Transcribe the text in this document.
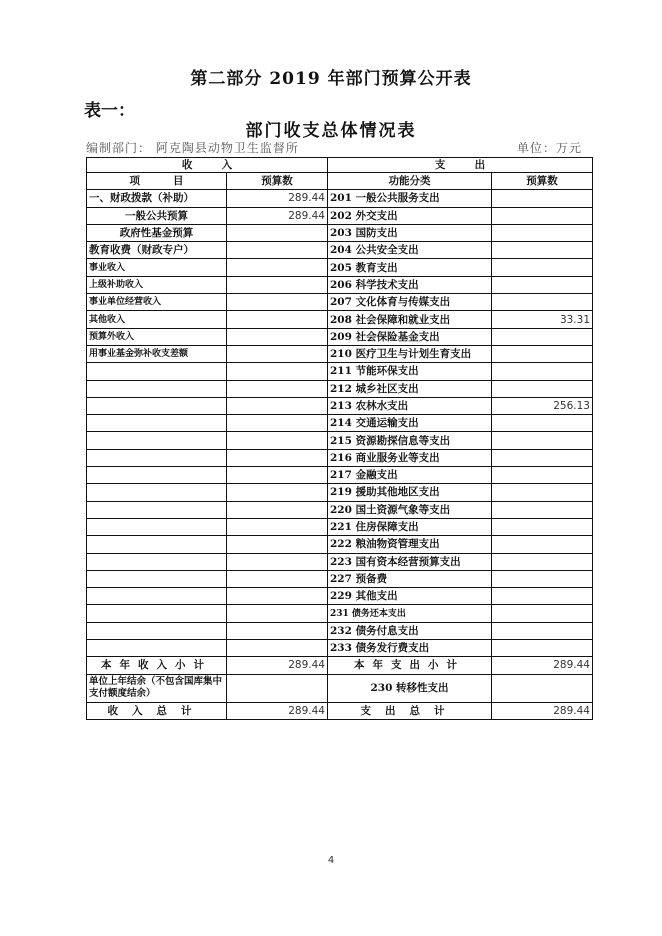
第二部分 2019 年部门预算公开表
表一：
部门收支总体情况表
编制部门： 阿克陶县动物卫生监督所	单位：万元
收        入		支        出	
项         目	预算数	功能分类	预算数
一、财政拨款（补助）	289.44	201 一般公共服务支出	
一般公共预算	289.44	202 外交支出	
政府性基金预算		203 国防支出	
教育收费（财政专户）		204 公共安全支出	
事业收入		205 教育支出	
上级补助收入		206 科学技术支出	
事业单位经营收入		207 文化体育与传媒支出	
其他收入		208 社会保障和就业支出	33.31
预算外收入		209 社会保险基金支出	
用事业基金弥补收支差额		210 医疗卫生与计划生育支出	
		211 节能环保支出	
		212 城乡社区支出	
		213 农林水支出	256.13
		214 交通运输支出	
		215 资源勘探信息等支出	
		216 商业服务业等支出	
		217 金融支出	
		219 援助其他地区支出	
		220 国土资源气象等支出	
		221 住房保障支出	
		222 粮油物资管理支出	
		223 国有资本经营预算支出	
		227 预备费	
		229 其他支出	
		231 债务还本支出	
		232 债务付息支出	
		233 债务发行费支出	
本年收入小计	289.44	本年支出小计	289.44
单位上年结余（不包含国库集中支付额度结余）		230 转移性支出	
收入总计	289.44	支出总计	289.44
4
